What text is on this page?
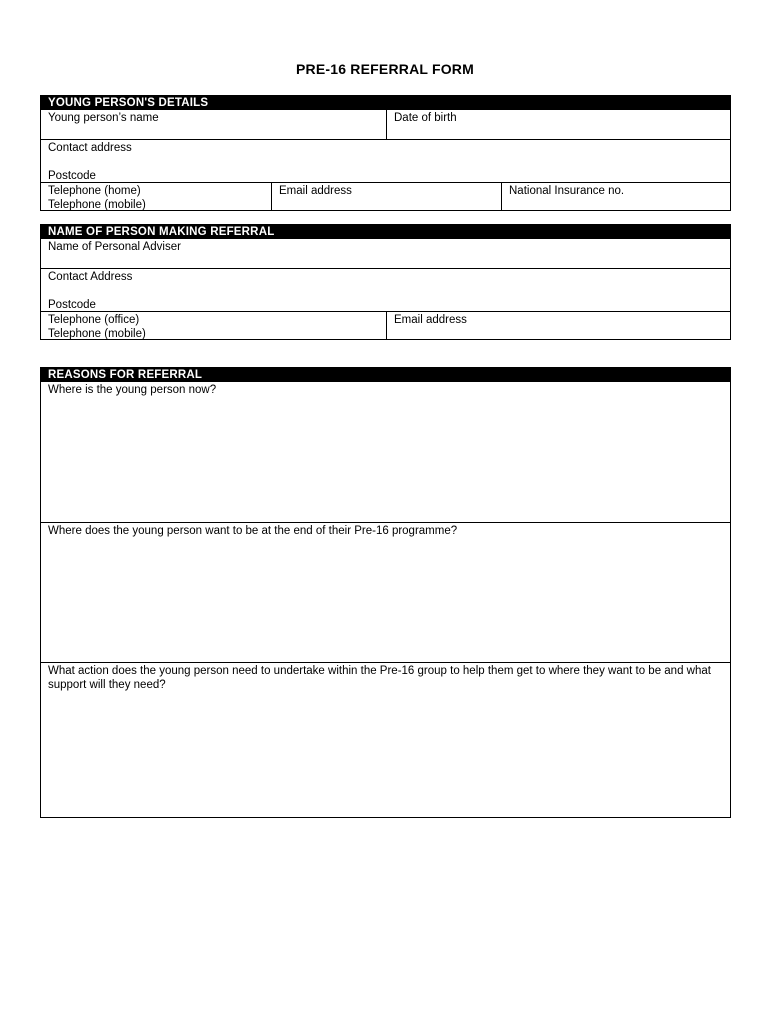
PRE-16 REFERRAL FORM
YOUNG PERSON'S DETAILS
Young person’s name	Date of birth
Contact address
Postcode
Telephone (home)
Telephone (mobile)
Email address	National Insurance no.
NAME OF PERSON MAKING REFERRAL
Name of Personal Adviser
Contact Address
Postcode
Telephone (office)
Telephone (mobile)
Email address
REASONS FOR REFERRAL
Where is the young person now?
Where does the young person want to be at the end of their Pre-16 programme?
What action does the young person need to undertake within the Pre-16 group to help them get to where they want to be and what support will they need?
